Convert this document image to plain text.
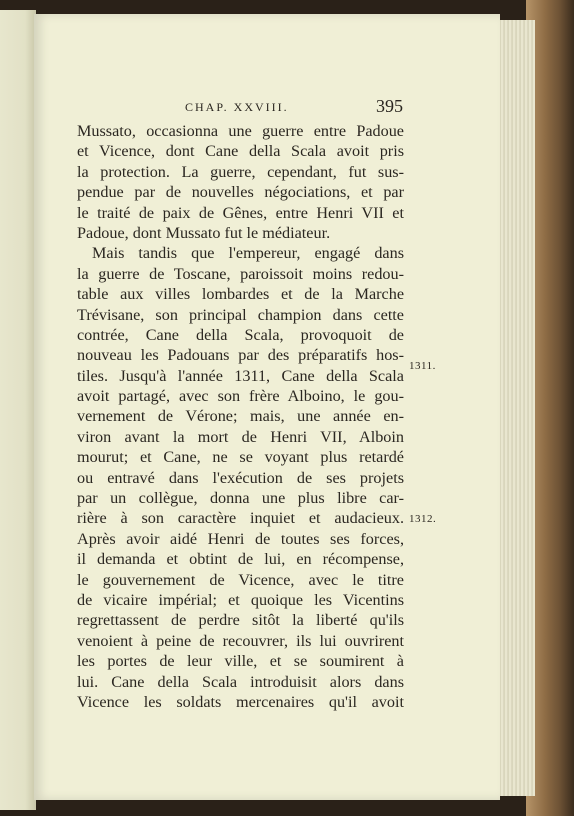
CHAP. XXVIII.	395

Mussato, occasionna une guerre entre Padoue

et Vicence, dont Cane della Scala avoit pris

la protection. La guerre, cependant, fut sus-

pendue par de nouvelles négociations, et par

le traité de paix de Gênes, entre Henri VII et

Padoue, dont Mussato fut le médiateur.

Mais tandis que l'empereur, engagé dans

la guerre de Toscane, paroissoit moins redou-

table aux villes lombardes et de la Marche

Trévisane, son principal champion dans cette

contrée, Cane della Scala, provoquoit de

nouveau les Padouans par des préparatifs hos-

tiles. Jusqu'à l'année 1311, Cane della Scala

avoit partagé, avec son frère Alboino, le gou-

vernement de Vérone; mais, une année en-

viron avant la mort de Henri VII, Alboin

mourut; et Cane, ne se voyant plus retardé

ou entravé dans l'exécution de ses projets

par un collègue, donna une plus libre car-

rière à son caractère inquiet et audacieux.

Après avoir aidé Henri de toutes ses forces,

il demanda et obtint de lui, en récompense,

le gouvernement de Vicence, avec le titre

de vicaire impérial; et quoique les Vicentins

regrettassent de perdre sitôt la liberté qu'ils

venoient à peine de recouvrer, ils lui ouvrirent

les portes de leur ville, et se soumirent à

lui. Cane della Scala introduisit alors dans

Vicence les soldats mercenaires qu'il avoit

1311.
1312.
